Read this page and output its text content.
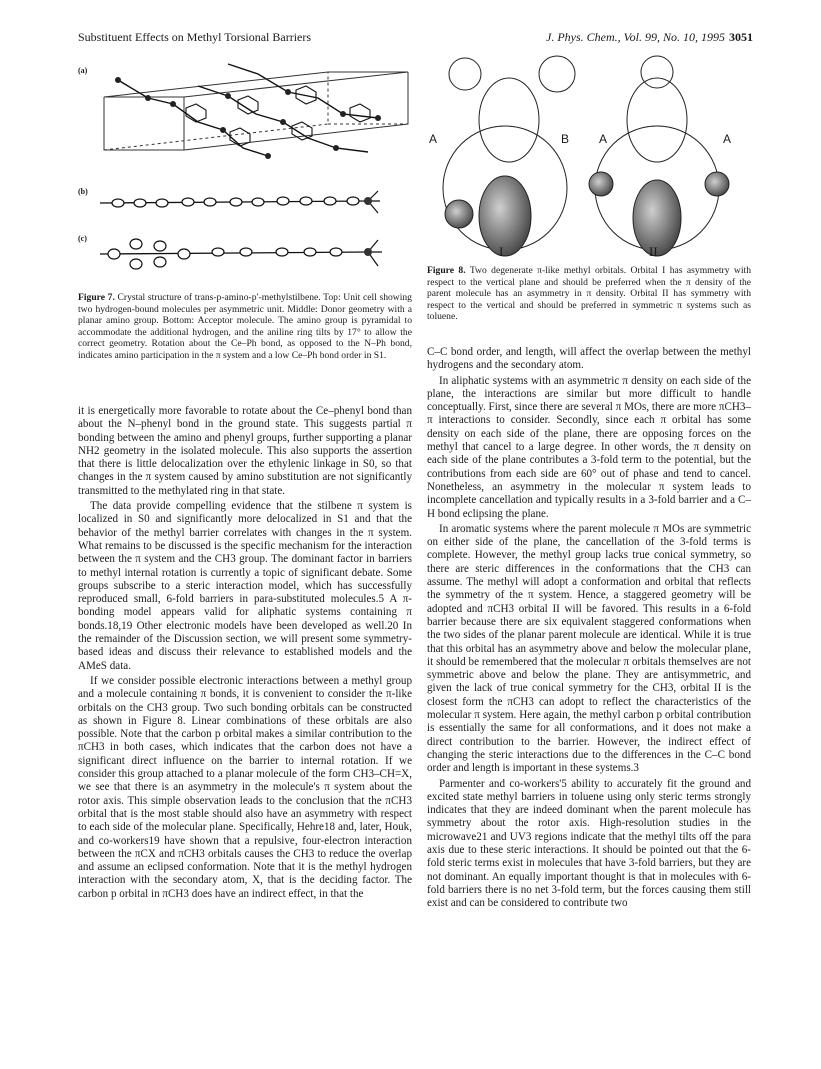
Substituent Effects on Methyl Torsional Barriers	J. Phys. Chem., Vol. 99, No. 10, 1995 3051
(a)
(b)
(c)
Figure 7. Crystal structure of trans-p-amino-p′-methylstilbene. Top: Unit cell showing two hydrogen-bound molecules per asymmetric unit. Middle: Donor geometry with a planar amino group. Bottom: Acceptor molecule. The amino group is pyramidal to accommodate the additional hydrogen, and the aniline ring tilts by 17° to allow the correct geometry. Rotation about the Ce–Ph bond, as opposed to the N–Ph bond, indicates amino participation in the π system and a low Ce–Ph bond order in S1.
A	B A	A
I	II
Figure 8. Two degenerate π-like methyl orbitals. Orbital I has asymmetry with respect to the vertical plane and should be preferred when the π density of the parent molecule has an asymmetry in π density. Orbital II has symmetry with respect to the vertical and should be preferred in symmetric π systems such as toluene.

it is energetically more favorable to rotate about the Ce–phenyl bond than about the N–phenyl bond in the ground state. This suggests partial π bonding between the amino and phenyl groups, further supporting a planar NH2 geometry in the isolated molecule. This also supports the assertion that there is little delocalization over the ethylenic linkage in S0, so that changes in the π system caused by amino substitution are not significantly transmitted to the methylated ring in that state.

The data provide compelling evidence that the stilbene π system is localized in S0 and significantly more delocalized in S1 and that the behavior of the methyl barrier correlates with changes in the π system. What remains to be discussed is the specific mechanism for the interaction between the π system and the CH3 group. The dominant factor in barriers to methyl internal rotation is currently a topic of significant debate. Some groups subscribe to a steric interaction model, which has successfully reproduced small, 6-fold barriers in para-substituted molecules.5 A π-bonding model appears valid for aliphatic systems containing π bonds.18,19 Other electronic models have been developed as well.20 In the remainder of the Discussion section, we will present some symmetry-based ideas and discuss their relevance to established models and the AMeS data.

If we consider possible electronic interactions between a methyl group and a molecule containing π bonds, it is convenient to consider the π-like orbitals on the CH3 group. Two such bonding orbitals can be constructed as shown in Figure 8. Linear combinations of these orbitals are also possible. Note that the carbon p orbital makes a similar contribution to the πCH3 in both cases, which indicates that the carbon does not have a significant direct influence on the barrier to internal rotation. If we consider this group attached to a planar molecule of the form CH3–CH=X, we see that there is an asymmetry in the molecule's π system about the rotor axis. This simple observation leads to the conclusion that the πCH3 orbital that is the most stable should also have an asymmetry with respect to each side of the molecular plane. Specifically, Hehre18 and, later, Houk, and co-workers19 have shown that a repulsive, four-electron interaction between the πCX and πCH3 orbitals causes the CH3 to reduce the overlap and assume an eclipsed conformation. Note that it is the methyl hydrogen interaction with the secondary atom, X, that is the deciding factor. The carbon p orbital in πCH3 does have an indirect effect, in that the

C–C bond order, and length, will affect the overlap between the methyl hydrogens and the secondary atom.

In aliphatic systems with an asymmetric π density on each side of the plane, the interactions are similar but more difficult to handle conceptually. First, since there are several π MOs, there are more πCH3–π interactions to consider. Secondly, since each π orbital has some density on each side of the plane, there are opposing forces on the methyl that cancel to a large degree. In other words, the π density on each side of the plane contributes a 3-fold term to the potential, but the contributions from each side are 60° out of phase and tend to cancel. Nonetheless, an asymmetry in the molecular π system leads to incomplete cancellation and typically results in a 3-fold barrier and a C–H bond eclipsing the plane.

In aromatic systems where the parent molecule π MOs are symmetric on either side of the plane, the cancellation of the 3-fold terms is complete. However, the methyl group lacks true conical symmetry, so there are steric differences in the conformations that the CH3 can assume. The methyl will adopt a conformation and orbital that reflects the symmetry of the π system. Hence, a staggered geometry will be adopted and πCH3 orbital II will be favored. This results in a 6-fold barrier because there are six equivalent staggered conformations when the two sides of the planar parent molecule are identical. While it is true that this orbital has an asymmetry above and below the molecular plane, it should be remembered that the molecular π orbitals themselves are not symmetric above and below the plane. They are antisymmetric, and given the lack of true conical symmetry for the CH3, orbital II is the closest form the πCH3 can adopt to reflect the characteristics of the molecular π system. Here again, the methyl carbon p orbital contribution is essentially the same for all conformations, and it does not make a direct contribution to the barrier. However, the indirect effect of changing the steric interactions due to the differences in the C–C bond order and length is important in these systems.3

Parmenter and co-workers'5 ability to accurately fit the ground and excited state methyl barriers in toluene using only steric terms strongly indicates that they are indeed dominant when the parent molecule has symmetry about the rotor axis. High-resolution studies in the microwave21 and UV3 regions indicate that the methyl tilts off the para axis due to these steric interactions. It should be pointed out that the 6-fold steric terms exist in molecules that have 3-fold barriers, but they are not dominant. An equally important thought is that in molecules with 6-fold barriers there is no net 3-fold term, but the forces causing them still exist and can be considered to contribute two
